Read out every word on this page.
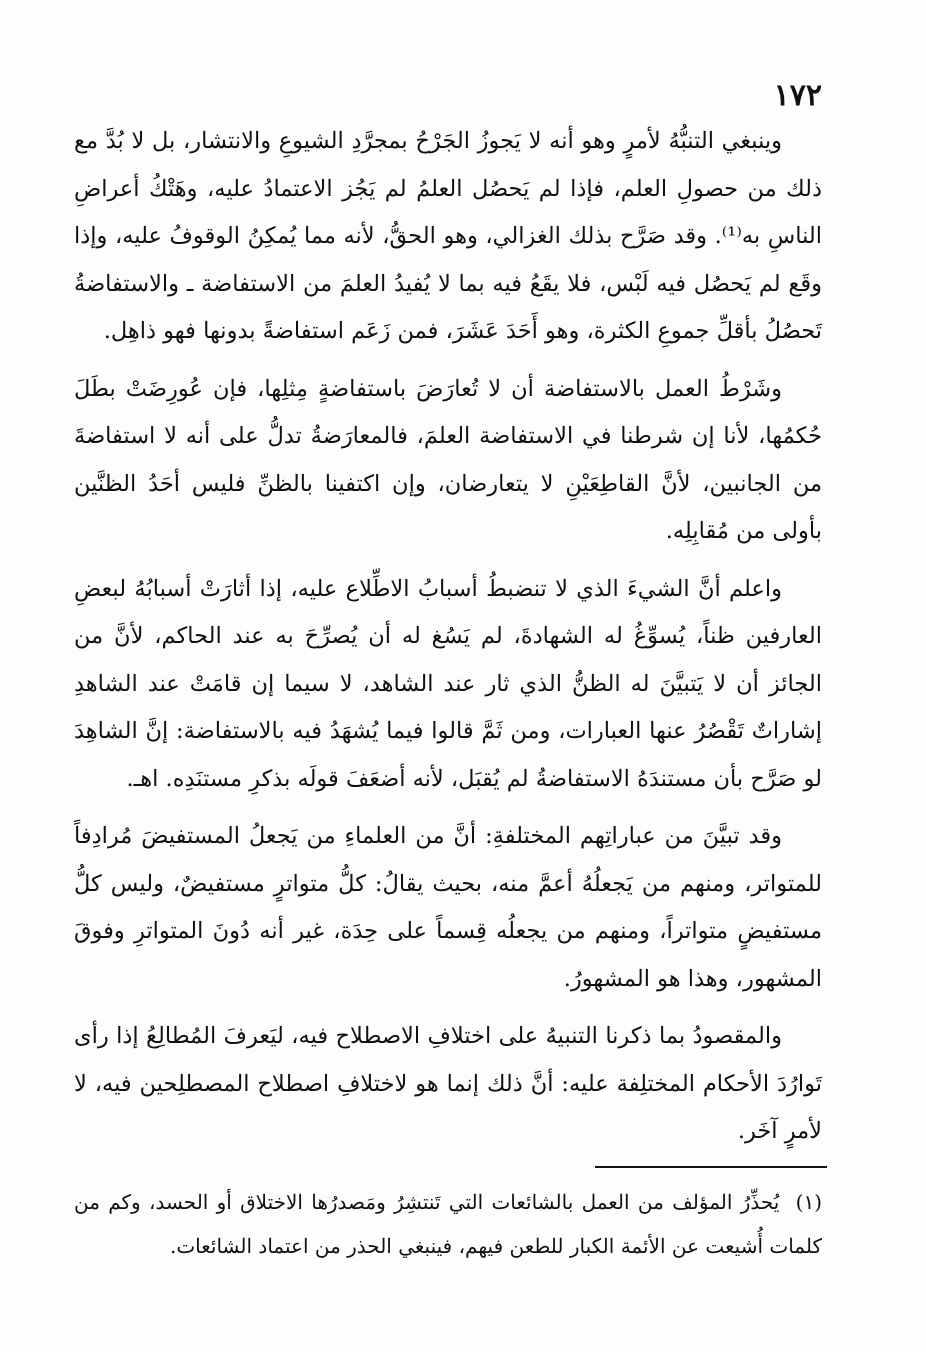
١٧٢

وينبغي التنبُّهُ لأمرٍ وهو أنه لا يَجوزُ الجَرْحُ بمجرَّدِ الشيوعِ والانتشار، بل لا بُدَّ مع ذلك من حصولِ العلم، فإذا لم يَحصُل العلمُ لم يَجُز الاعتمادُ عليه، وهَتْكُ أعراضِ الناسِ به⁽¹⁾. وقد صَرَّح بذلك الغزالي، وهو الحقُّ، لأنه مما يُمكِنُ الوقوفُ عليه، وإذا وقَع لم يَحصُل فيه لَبْس، فلا يقَعُ فيه بما لا يُفيدُ العلمَ من الاستفاضة ـ والاستفاضةُ تَحصُلُ بأقلِّ جموعِ الكثرة، وهو أَحَدَ عَشَرَ، فمن زَعَم استفاضةً بدونها فهو ذاهِل.

وشَرْطُ العمل بالاستفاضة أن لا تُعارَضَ باستفاضةٍ مِثلِها، فإن عُورِضَتْ بطَلَ حُكمُها، لأنا إن شرطنا في الاستفاضة العلمَ، فالمعارَضةُ تدلُّ على أنه لا استفاضةَ من الجانبين، لأنَّ القاطِعَيْنِ لا يتعارضان، وإن اكتفينا بالظنِّ فليس أحَدُ الظنَّين بأولى من مُقابِلِه.

واعلم أنَّ الشيءَ الذي لا تنضبطُ أسبابُ الاطِّلاع عليه، إذا أثارَتْ أسبابُهُ لبعضِ العارفين ظناً، يُسوِّغُ له الشهادةَ، لم يَسُغ له أن يُصرِّحَ به عند الحاكم، لأنَّ من الجائز أن لا يَتبيَّنَ له الظنُّ الذي ثار عند الشاهد، لا سيما إن قامَتْ عند الشاهدِ إشاراتٌ تَقْصُرُ عنها العبارات، ومن ثَمَّ قالوا فيما يُشهَدُ فيه بالاستفاضة: إنَّ الشاهِدَ لو صَرَّح بأن مستندَهُ الاستفاضةُ لم يُقبَل، لأنه أضعَفَ قولَه بذكرِ مستنَدِه. اهـ.

وقد تبيَّنَ من عباراتِهم المختلفةِ: أنَّ من العلماءِ من يَجعلُ المستفيضَ مُرادِفاً للمتواتر، ومنهم من يَجعلُهُ أعمَّ منه، بحيث يقالُ: كلُّ متواترٍ مستفيضٌ، وليس كلُّ مستفيضٍ متواتراً، ومنهم من يجعلُه قِسماً على حِدَة، غير أنه دُونَ المتواترِ وفوقَ المشهور، وهذا هو المشهورُ.

والمقصودُ بما ذكرنا التنبيهُ على اختلافِ الاصطلاح فيه، ليَعرفَ المُطالِعُ إذا رأى تَوارُدَ الأحكام المختلِفة عليه: أنَّ ذلك إنما هو لاختلافِ اصطلاح المصطلِحين فيه، لا لأمرٍ آخَر.

(١) يُحذِّرُ المؤلف من العمل بالشائعات التي تَنتشِرُ ومَصدرُها الاختلاق أو الحسد، وكم من كلمات أُشيعت عن الأئمة الكبار للطعن فيهم، فينبغي الحذر من اعتماد الشائعات.
